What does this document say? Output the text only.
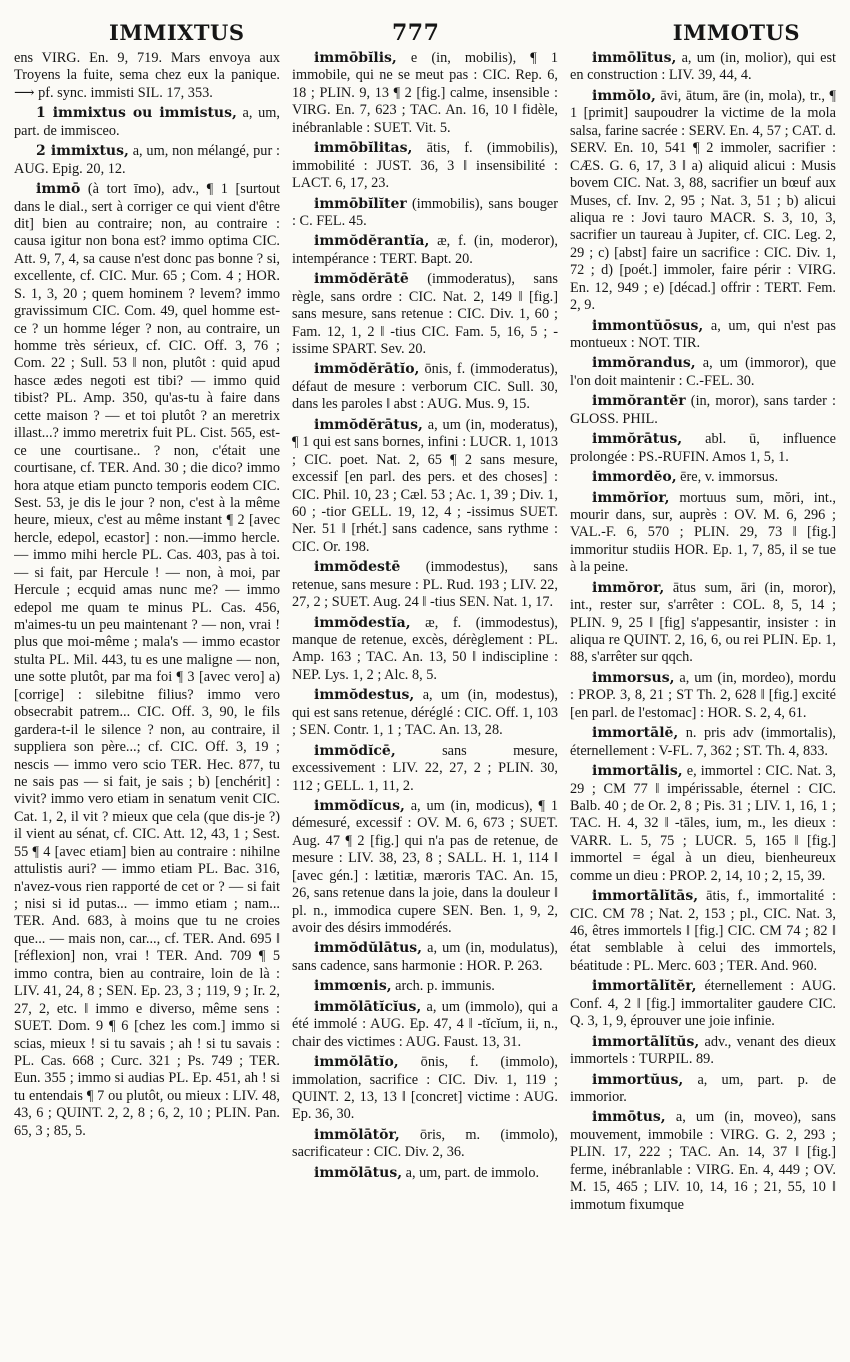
IMMIXTUS	777	IMMOTUS

ens VIRG. En. 9, 719. Mars envoya aux Troyens la fuite, sema chez eux la panique. ⟶ pf. sync. immisti SIL. 17, 353.

1 immixtus ou immistus, a, um, part. de immisceo.

2 immixtus, a, um, non mélangé, pur : AUG. Epig. 20, 12.

immō (à tort īmo), adv., ¶ 1 [surtout dans le dial., sert à corriger ce qui vient d'être dit] bien au contraire; non, au contraire : causa igitur non bona est? immo optima CIC. Att. 9, 7, 4, sa cause n'est donc pas bonne ? si, excellente, cf. CIC. Mur. 65 ; Com. 4 ; HOR. S. 1, 3, 20 ; quem hominem ? levem? immo gravissimum CIC. Com. 49, quel homme est-ce ? un homme léger ? non, au contraire, un homme très sérieux, cf. CIC. Off. 3, 76 ; Com. 22 ; Sull. 53 ‖ non, plutôt : quid apud hasce ædes negoti est tibi? — immo quid tibist? PL. Amp. 350, qu'as-tu à faire dans cette maison ? — et toi plutôt ? an meretrix illast...? immo meretrix fuit PL. Cist. 565, est-ce une courtisane.. ? non, c'était une courtisane, cf. TER. And. 30 ; die dico? immo hora atque etiam puncto temporis eodem CIC. Sest. 53, je dis le jour ? non, c'est à la même heure, mieux, c'est au même instant ¶ 2 [avec hercle, edepol, ecastor] : non.—immo hercle. — immo mihi hercle PL. Cas. 403, pas à toi. — si fait, par Hercule ! — non, à moi, par Hercule ; ecquid amas nunc me? — immo edepol me quam te minus PL. Cas. 456, m'aimes-tu un peu maintenant ? — non, vrai ! plus que moi-même ; mala's — immo ecastor stulta PL. Mil. 443, tu es une maligne — non, une sotte plutôt, par ma foi ¶ 3 [avec vero] a) [corrige] : silebitne filius? immo vero obsecrabit patrem... CIC. Off. 3, 90, le fils gardera-t-il le silence ? non, au contraire, il suppliera son père...; cf. CIC. Off. 3, 19 ; nescis — immo vero scio TER. Hec. 877, tu ne sais pas — si fait, je sais ; b) [enchérit] : vivit? immo vero etiam in senatum venit CIC. Cat. 1, 2, il vit ? mieux que cela (que dis-je ?) il vient au sénat, cf. CIC. Att. 12, 43, 1 ; Sest. 55 ¶ 4 [avec etiam] bien au contraire : nihilne attulistis auri? — immo etiam PL. Bac. 316, n'avez-vous rien rapporté de cet or ? — si fait ; nisi si id putas... — immo etiam ; nam... TER. And. 683, à moins que tu ne croies que... — mais non, car..., cf. TER. And. 695 ‖ [réflexion] non, vrai ! TER. And. 709 ¶ 5 immo contra, bien au contraire, loin de là : LIV. 41, 24, 8 ; SEN. Ep. 23, 3 ; 119, 9 ; Ir. 2, 27, 2, etc. ‖ immo e diverso, même sens : SUET. Dom. 9 ¶ 6 [chez les com.] immo si scias, mieux ! si tu savais ; ah ! si tu savais : PL. Cas. 668 ; Curc. 321 ; Ps. 749 ; TER. Eun. 355 ; immo si audias PL. Ep. 451, ah ! si tu entendais ¶ 7 ou plutôt, ou mieux : LIV. 48, 43, 6 ; QUINT. 2, 2, 8 ; 6, 2, 10 ; PLIN. Pan. 65, 3 ; 85, 5.

immōbĭlis, e (in, mobilis), ¶ 1 immobile, qui ne se meut pas : CIC. Rep. 6, 18 ; PLIN. 9, 13 ¶ 2 [fig.] calme, insensible : VIRG. En. 7, 623 ; TAC. An. 16, 10 ‖ fidèle, inébranlable : SUET. Vit. 5.

immōbĭlitas, ātis, f. (immobilis), immobilité : JUST. 36, 3 ‖ insensibilité : LACT. 6, 17, 23.

immōbĭlĭter (immobilis), sans bouger : C. FEL. 45.

immŏdĕrantĭa, æ, f. (in, moderor), intempérance : TERT. Bapt. 20.

immŏdĕrātē (immoderatus), sans règle, sans ordre : CIC. Nat. 2, 149 ‖ [fig.] sans mesure, sans retenue : CIC. Div. 1, 60 ; Fam. 12, 1, 2 ‖ -tius CIC. Fam. 5, 16, 5 ; -issime SPART. Sev. 20.

immŏdĕrātĭo, ōnis, f. (immoderatus), défaut de mesure : verborum CIC. Sull. 30, dans les paroles ‖ abst : AUG. Mus. 9, 15.

immŏdĕrātus, a, um (in, moderatus), ¶ 1 qui est sans bornes, infini : LUCR. 1, 1013 ; CIC. poet. Nat. 2, 65 ¶ 2 sans mesure, excessif [en parl. des pers. et des choses] : CIC. Phil. 10, 23 ; Cæl. 53 ; Ac. 1, 39 ; Div. 1, 60 ; -tior GELL. 19, 12, 4 ; -issimus SUET. Ner. 51 ‖ [rhét.] sans cadence, sans rythme : CIC. Or. 198.

immŏdestē (immodestus), sans retenue, sans mesure : PL. Rud. 193 ; LIV. 22, 27, 2 ; SUET. Aug. 24 ‖ -tius SEN. Nat. 1, 17.

immŏdestĭa, æ, f. (immodestus), manque de retenue, excès, dérèglement : PL. Amp. 163 ; TAC. An. 13, 50 ‖ indiscipline : NEP. Lys. 1, 2 ; Alc. 8, 5.

immŏdestus, a, um (in, modestus), qui est sans retenue, déréglé : CIC. Off. 1, 103 ; SEN. Contr. 1, 1 ; TAC. An. 13, 28.

immŏdĭcē, sans mesure, excessivement : LIV. 22, 27, 2 ; PLIN. 30, 112 ; GELL. 1, 11, 2.

immŏdĭcus, a, um (in, modicus), ¶ 1 démesuré, excessif : OV. M. 6, 673 ; SUET. Aug. 47 ¶ 2 [fig.] qui n'a pas de retenue, de mesure : LIV. 38, 23, 8 ; SALL. H. 1, 114 ‖ [avec gén.] : lætitiæ, mæroris TAC. An. 15, 26, sans retenue dans la joie, dans la douleur ‖ pl. n., immodica cupere SEN. Ben. 1, 9, 2, avoir des désirs immodérés.

immŏdŭlātus, a, um (in, modulatus), sans cadence, sans harmonie : HOR. P. 263.

immœnis, arch. p. immunis.

immŏlātĭcĭus, a, um (immolo), qui a été immolé : AUG. Ep. 47, 4 ‖ -tĭcĭum, ii, n., chair des victimes : AUG. Faust. 13, 31.

immŏlātĭo, ōnis, f. (immolo), immolation, sacrifice : CIC. Div. 1, 119 ; QUINT. 2, 13, 13 ‖ [concret] victime : AUG. Ep. 36, 30.

immŏlātŏr, ōris, m. (immolo), sacrificateur : CIC. Div. 2, 36.

immŏlātus, a, um, part. de immolo.

immōlītus, a, um (in, molior), qui est en construction : LIV. 39, 44, 4.

immŏlo, āvi, ātum, āre (in, mola), tr., ¶ 1 [primit] saupoudrer la victime de la mola salsa, farine sacrée : SERV. En. 4, 57 ; CAT. d. SERV. En. 10, 541 ¶ 2 immoler, sacrifier : CÆS. G. 6, 17, 3 ‖ a) aliquid alicui : Musis bovem CIC. Nat. 3, 88, sacrifier un bœuf aux Muses, cf. Inv. 2, 95 ; Nat. 3, 51 ; b) alicui aliqua re : Jovi tauro MACR. S. 3, 10, 3, sacrifier un taureau à Jupiter, cf. CIC. Leg. 2, 29 ; c) [abst] faire un sacrifice : CIC. Div. 1, 72 ; d) [poét.] immoler, faire périr : VIRG. En. 12, 949 ; e) [décad.] offrir : TERT. Fem. 2, 9.

immontŭōsus, a, um, qui n'est pas montueux : NOT. TIR.

immŏrandus, a, um (immoror), que l'on doit maintenir : C.-FEL. 30.

immŏrantĕr (in, moror), sans tarder : GLOSS. PHIL.

immŏrātus, abl. ū, influence prolongée : PS.-RUFIN. Amos 1, 5, 1.

immordĕo, ēre, v. immorsus.

immŏrĭor, mortuus sum, mŏri, int., mourir dans, sur, auprès : OV. M. 6, 296 ; VAL.-F. 6, 570 ; PLIN. 29, 73 ‖ [fig.] immoritur studiis HOR. Ep. 1, 7, 85, il se tue à la peine.

immŏror, ātus sum, āri (in, moror), int., rester sur, s'arrêter : COL. 8, 5, 14 ; PLIN. 9, 25 ‖ [fig] s'appesantir, insister : in aliqua re QUINT. 2, 16, 6, ou rei PLIN. Ep. 1, 88, s'arrêter sur qqch.

immorsus, a, um (in, mordeo), mordu : PROP. 3, 8, 21 ; ST Th. 2, 628 ‖ [fig.] excité [en parl. de l'estomac] : HOR. S. 2, 4, 61.

immortālĕ, n. pris adv (immortalis), éternellement : V-FL. 7, 362 ; ST. Th. 4, 833.

immortālis, e, immortel : CIC. Nat. 3, 29 ; CM 77 ‖ impérissable, éternel : CIC. Balb. 40 ; de Or. 2, 8 ; Pis. 31 ; LIV. 1, 16, 1 ; TAC. H. 4, 32 ‖ -tāles, ium, m., les dieux : VARR. L. 5, 75 ; LUCR. 5, 165 ‖ [fig.] immortel = égal à un dieu, bienheureux comme un dieu : PROP. 2, 14, 10 ; 2, 15, 39.

immortālĭtās, ātis, f., immortalité : CIC. CM 78 ; Nat. 2, 153 ; pl., CIC. Nat. 3, 46, êtres immortels ‖ [fig.] CIC. CM 74 ; 82 ‖ état semblable à celui des immortels, béatitude : PL. Merc. 603 ; TER. And. 960.

immortālĭtĕr, éternellement : AUG. Conf. 4, 2 ‖ [fig.] immortaliter gaudere CIC. Q. 3, 1, 9, éprouver une joie infinie.

immortālĭtŭs, adv., venant des dieux immortels : TURPIL. 89.

immortŭus, a, um, part. p. de immorior.

immōtus, a, um (in, moveo), sans mouvement, immobile : VIRG. G. 2, 293 ; PLIN. 17, 222 ; TAC. An. 14, 37 ‖ [fig.] ferme, inébranlable : VIRG. En. 4, 449 ; OV. M. 15, 465 ; LIV. 10, 14, 16 ; 21, 55, 10 ‖ immotum fixumque
